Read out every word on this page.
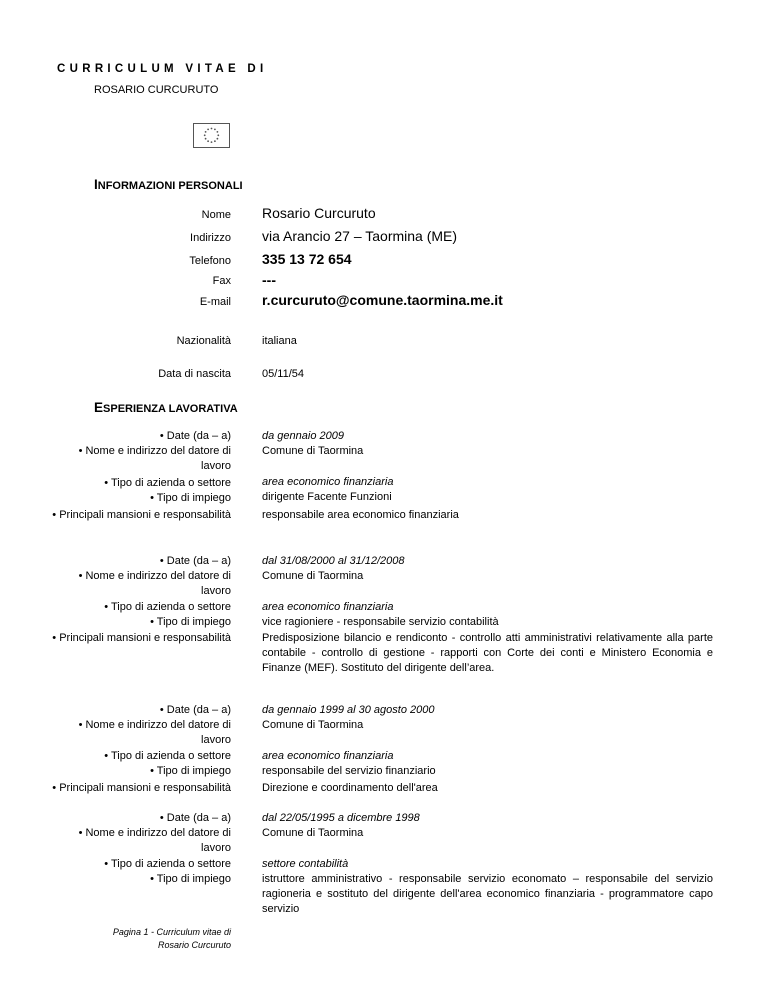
CURRICULUM VITAE DI
ROSARIO CURCURUTO
INFORMAZIONI PERSONALI
Nome Rosario Curcuruto
Indirizzo via Arancio 27 – Taormina (ME)
Telefono 335 13 72 654
Fax ---
E-mail r.curcuruto@comune.taormina.me.it
Nazionalità	italiana
Data di nascita	05/11/54
ESPERIENZA LAVORATIVA
• Date (da – a)
• Nome e indirizzo del datore di lavoro
• Tipo di azienda o settore
• Tipo di impiego
• Principali mansioni e responsabilità
da gennaio 2009
Comune di Taormina
area economico finanziaria
dirigente Facente Funzioni
responsabile area economico finanziaria
• Date (da – a)
• Nome e indirizzo del datore di lavoro
• Tipo di azienda o settore
• Tipo di impiego
• Principali mansioni e responsabilità
dal 31/08/2000 al 31/12/2008
Comune di Taormina
area economico finanziaria
vice ragioniere - responsabile servizio contabilità
Predisposizione bilancio e rendiconto - controllo atti amministrativi relativamente alla parte contabile - controllo di gestione - rapporti con Corte dei conti e Ministero Economia e Finanze (MEF). Sostituto del dirigente dell’area.
• Date (da – a)
• Nome e indirizzo del datore di lavoro
• Tipo di azienda o settore
• Tipo di impiego
• Principali mansioni e responsabilità
da gennaio 1999 al 30 agosto 2000
Comune di Taormina
area economico finanziaria
responsabile del servizio finanziario
Direzione e coordinamento dell'area
• Date (da – a)
• Nome e indirizzo del datore di lavoro
• Tipo di azienda o settore
• Tipo di impiego
dal 22/05/1995 a dicembre 1998
Comune di Taormina
settore contabilità
istruttore amministrativo - responsabile servizio economato – responsabile del servizio ragioneria e sostituto del dirigente dell'area economico finanziaria - programmatore capo servizio
Pagina 1 - Curriculum vitae di Rosario Curcuruto
